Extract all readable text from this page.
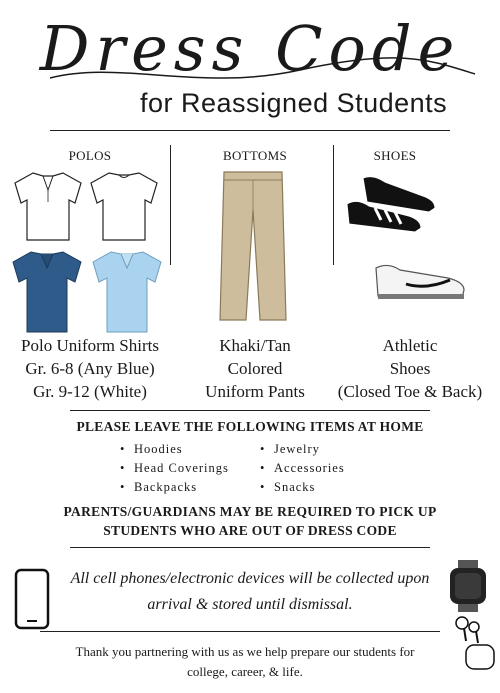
Dress Code
for Reassigned Students
POLOS	BOTTOMS	SHOES
Polo Uniform Shirts
Gr. 6-8 (Any Blue)
Gr. 9-12 (White)
Khaki/Tan
Colored
Uniform Pants
Athletic
Shoes
(Closed Toe & Back)
PLEASE LEAVE THE FOLLOWING ITEMS AT HOME
• Hoodies
• Head Coverings
• Backpacks
• Jewelry
• Accessories
• Snacks
PARENTS/GUARDIANS MAY BE REQUIRED TO PICK UP
STUDENTS WHO ARE OUT OF DRESS CODE
All cell phones/electronic devices will be collected upon
arrival & stored until dismissal.
Thank you partnering with us as we help prepare our students for
college, career, & life.
